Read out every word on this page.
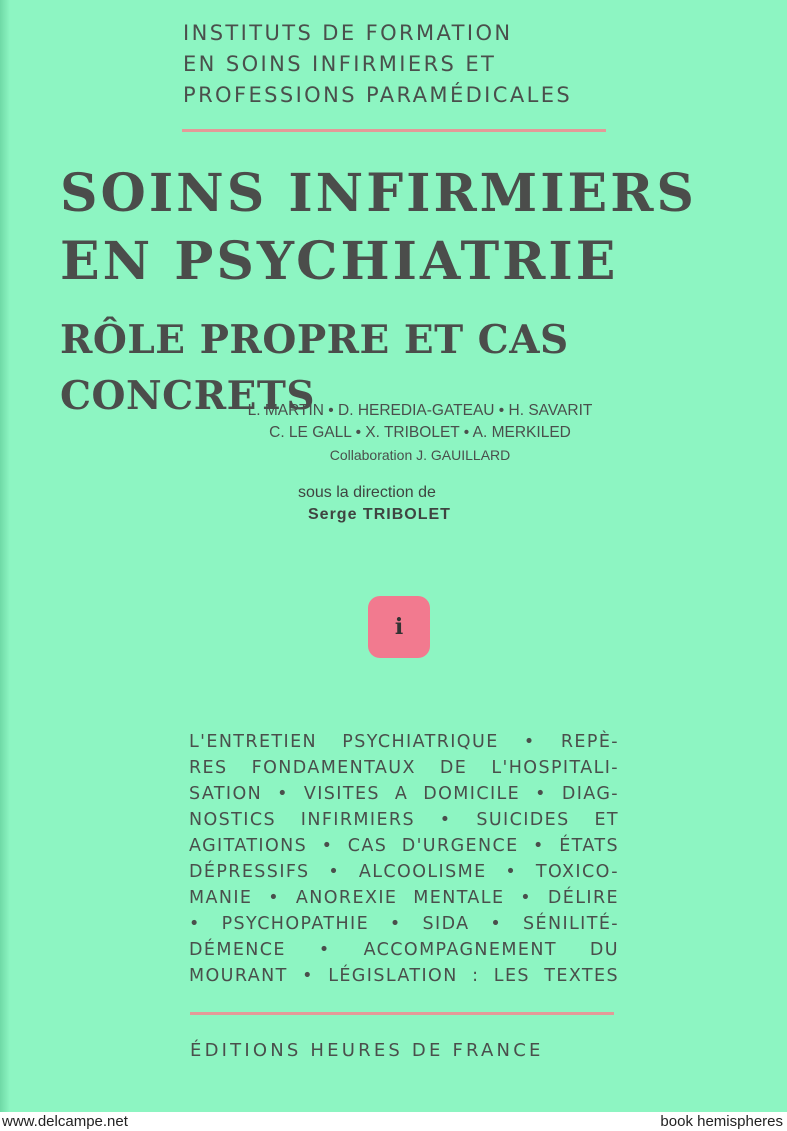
INSTITUTS DE FORMATION
EN SOINS INFIRMIERS ET
PROFESSIONS PARAMÉDICALES
SOINS INFIRMIERS
EN PSYCHIATRIE
RÔLE PROPRE ET CAS CONCRETS
L. MARTIN • D. HEREDIA-GATEAU • H. SAVARIT
C. LE GALL • X. TRIBOLET • A. MERKILED
Collaboration J. GAUILLARD
sous la direction de
Serge TRIBOLET
i
L'ENTRETIEN PSYCHIATRIQUE • REPÈ-
RES FONDAMENTAUX DE L'HOSPITALI-
SATION • VISITES A DOMICILE • DIAG-
NOSTICS INFIRMIERS • SUICIDES ET
AGITATIONS • CAS D'URGENCE • ÉTATS
DÉPRESSIFS • ALCOOLISME • TOXICO-
MANIE • ANOREXIE MENTALE • DÉLIRE
• PSYCHOPATHIE • SIDA • SÉNILITÉ-
DÉMENCE • ACCOMPAGNEMENT DU
MOURANT • LÉGISLATION : LES TEXTES
ÉDITIONS HEURES DE FRANCE
www.delcampe.net	book hemispheres
